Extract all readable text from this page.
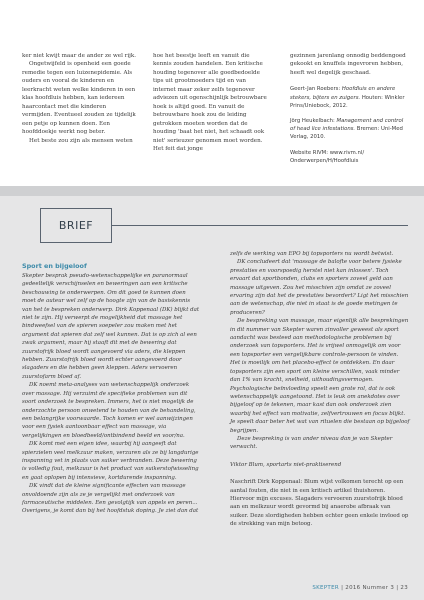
ker niet kwijt maar de ander ze wel rijk.

Ongetwijfeld is openheid een goede remedie tegen een luizenepidemie. Als ouders en vooral de kinderen en leerkracht weten welke kinderen in een klas hoofdluis hebben, kan iedereen haarcontact met die kinderen vermijden. Eventueel zouden ze tijdelijk een petje op kunnen doen. Een hoofddoekje werkt nog beter.

Het beste zou zijn als mensen weten

hoe het beestje leeft en vanuit die kennis zouden handelen. Een kritische houding tegenover alle goedbedoelde tips uit grootmoeders tijd en van internet maar zeker zelfs tegenover adviezen uit ogenschijnlijk betrouwbare hoek is altijd goed. En vanuit de betrouwbare hoek zou de leiding getrokken moeten worden dat de houding 'baat het niet, het schaadt ook niet' serieuzer genomen moet worden. Het feit dat jonge

gezinnen jarenlang onnodig beddengoed gekookt en knuffels ingevroren hebben, heeft wel degelijk geschaad.

Geert-Jan Roebers: Hoofdluis en andere stekers, bijters en zuigers. Houten: Winkler Prins/Uniebock, 2012.
Jörg Heukelbach: Management and control of head lice infestations. Bremen: Uni-Med Verlag, 2010.
Website RIVM: www.rivm.nl/ Onderwerpen/H/Hoofdluis
BRIEF
Sport en bijgeloof

Skepter besprak pseudo-wetenschappelijke en paranormaal gedeeltelijk verschijnselen en beweringen aan een kritische beschouwing te onderwerpen. Om dit goed te kunnen doen moet de auteur wel zelf op de hoogte zijn van de basiskennis van het te bespreken onderwerp. Dirk Koppenaal (DK) blijkt dat niet te zijn. Hij verwerpt de mogelijkheid dat massage het bindweefsel van de spieren soepeler zou maken met het argument dat spieren dat zelf wel kunnen. Dat is op zich al een zwak argument, maar hij staaft dit met de bewering dat zuurstofrijk bloed wordt aangevoerd via aders, die kleppen hebben. Zuurstofrijk bloed wordt echter aangevoerd door slagaders en die hebben geen kleppen. Aders vervoeren zuurstofarm bloed af.

DK noemt meta-analyses van wetenschappelijk onderzoek over massage. Hij verzuimt de specifieke problemen van dit soort onderzoek te bespreken. Immers, het is niet mogelijk de onderzochte persoon onwetend te houden van de behandeling, een belangrijke voorwaarde. Toch komen er wel aanwijzingen voor een fysiek aantoonbaar effect van massage, via vergelijkingen en bloedbeeld/ontbindend beeld en voor/na.

DK komt met een eigen idee, waarbij hij aangeeft dat spierzielen veel melkzuur maken, verzuren als ze bij langdurige inspanning vet in plaats van suiker verbranden. Deze bewering is volledig fout, melkzuur is het product van suikerstofwisseling en gaat oplopen bij intensieve, kortdurende inspanning.

DK vindt dat de kleine significante effecten van massage onvoldoende zijn als ze je vergelijkt met onderzoek van farmaceutische middelen. Een gevolgtijk van appels en peren... Overigens, je komt dan bij het hoofdstuk doping. Je ziet dan dat

zelfs de werking van EPO bij topsporters nu wordt betwist.

DK concludeert dat 'massage de balofte voor betere fysieke prestaties en voorspoedig herstel niet kan inlossen'. Toch ervaart dat sportbonden, clubs en sporters zoveel geld aan massage uitgeven. Zou het misschien zijn omdat ze zoveel ervaring zijn dat het de prestaties bevordert? Ligt het misschien aan de wetenschap, die niet in staat is de goede metingen te produceren?

De bespreking van massage, maar eigenlijk alle besprekingen in dit nummer van Skepter waren zinvoller geweest als sport aandacht was besteed aan methodologische problemen bij onderzoek van topsporters. Het is vrijwel onmogelijk om voor een topsporter een vergelijkbare controle-persoon te vinden. Het is moeilijk om het placebo-effect te ontdekken. En daar topsporters zijn een sport om kleine verschillen, vaak minder dan 1% van kracht, snelheid, uithoudingsvermogen. Psychologische beïnvloeding speelt een grote rol, dat is ook wetenschappelijk aangetoond. Het is leuk om anekdotes over bijgeloof op te tekenen, maar kast dan ook onderzoek zien waarbij het effect van motivatie, zelfvertrouwen en focus blijkt. Je speelt daar beter het wat van rituelen die bestaan op bijgeloof begrijpen.

Deze bespreking is van ander niveau dan je van Skepter verwacht.

Viktor Blum, sportarts niet-praktiserend

Naschrift Dirk Koppenaal: Blum wijst volkomen terecht op een aantal fouten, die niet in een kritisch artikel thuishoren. Hiervoor mijn excuses. Slagaders vervoeren zuurstofrijk bloed aan en melkzuur wordt gevormd bij anaerobe afbraak van suiker. Deze slordigheden hebben echter geen enkele invloed op de strekking van mijn betoog.

SKEPTER | 2016 Nummer 3 | 23
